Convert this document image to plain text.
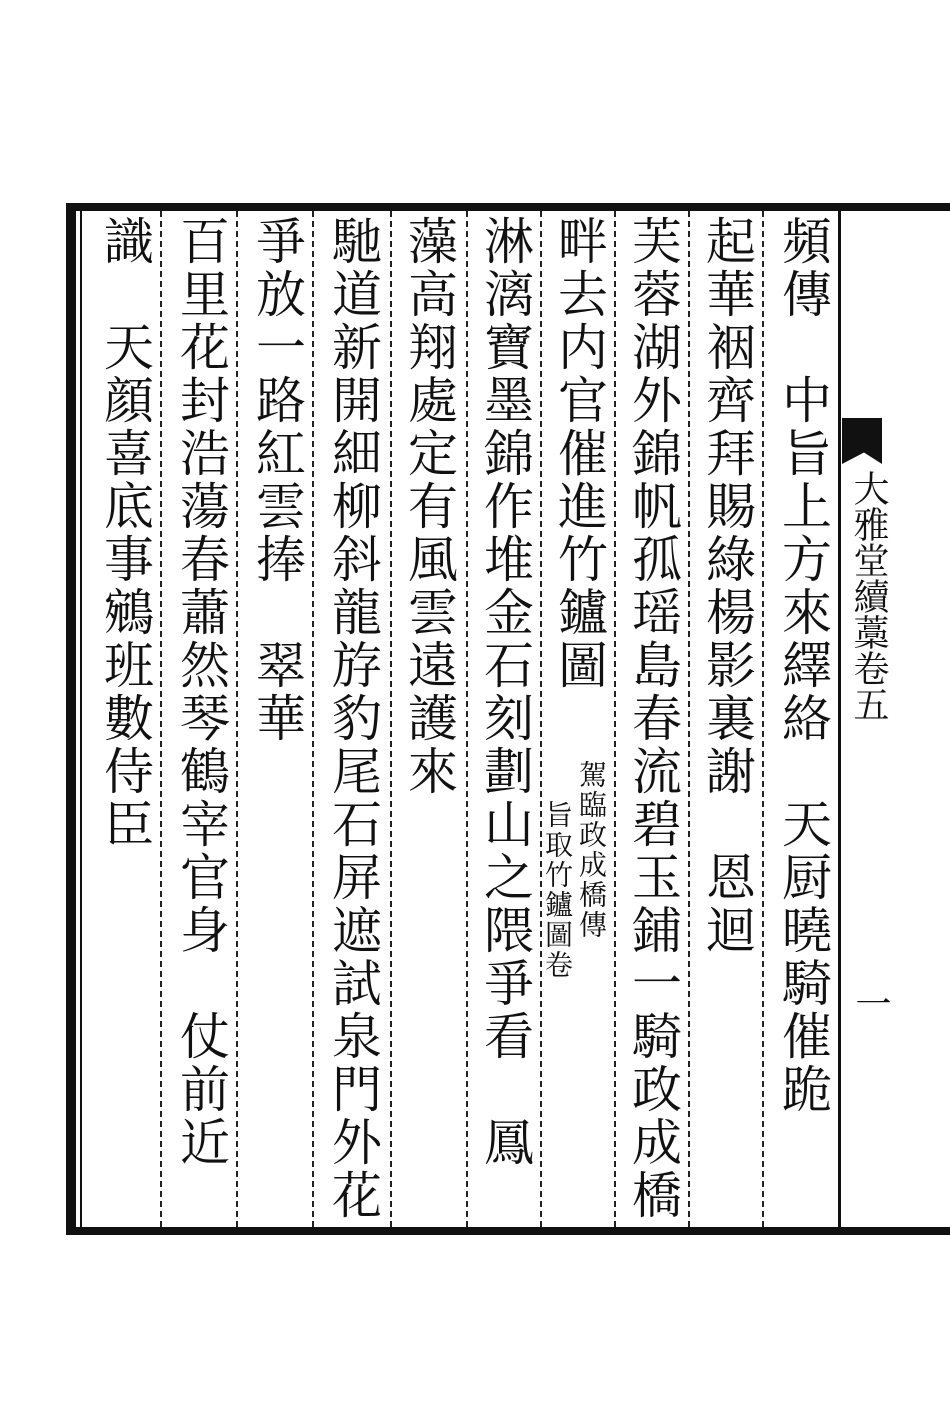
大雅堂續藁卷五
一
頻傳　中旨上方來繹絡　天厨曉騎催跪
起華裀齊拜賜綠楊影裏謝　恩迴
芙蓉湖外錦帆孤瑶島春流碧玉鋪一騎政成橋
畔去内官催進竹鑪圖
駕臨政成橋傳
旨取竹鑪圖卷
淋漓寶墨錦作堆金石刻劃山之隈爭看　鳳
藻高翔處定有風雲遠護來
馳道新開細柳斜龍斿豹尾石屏遮試泉門外花
爭放一路紅雲捧　翠華
百里花封浩蕩春蕭然琴鶴宰官身　仗前近
識　天顔喜底事鵷班數侍臣
